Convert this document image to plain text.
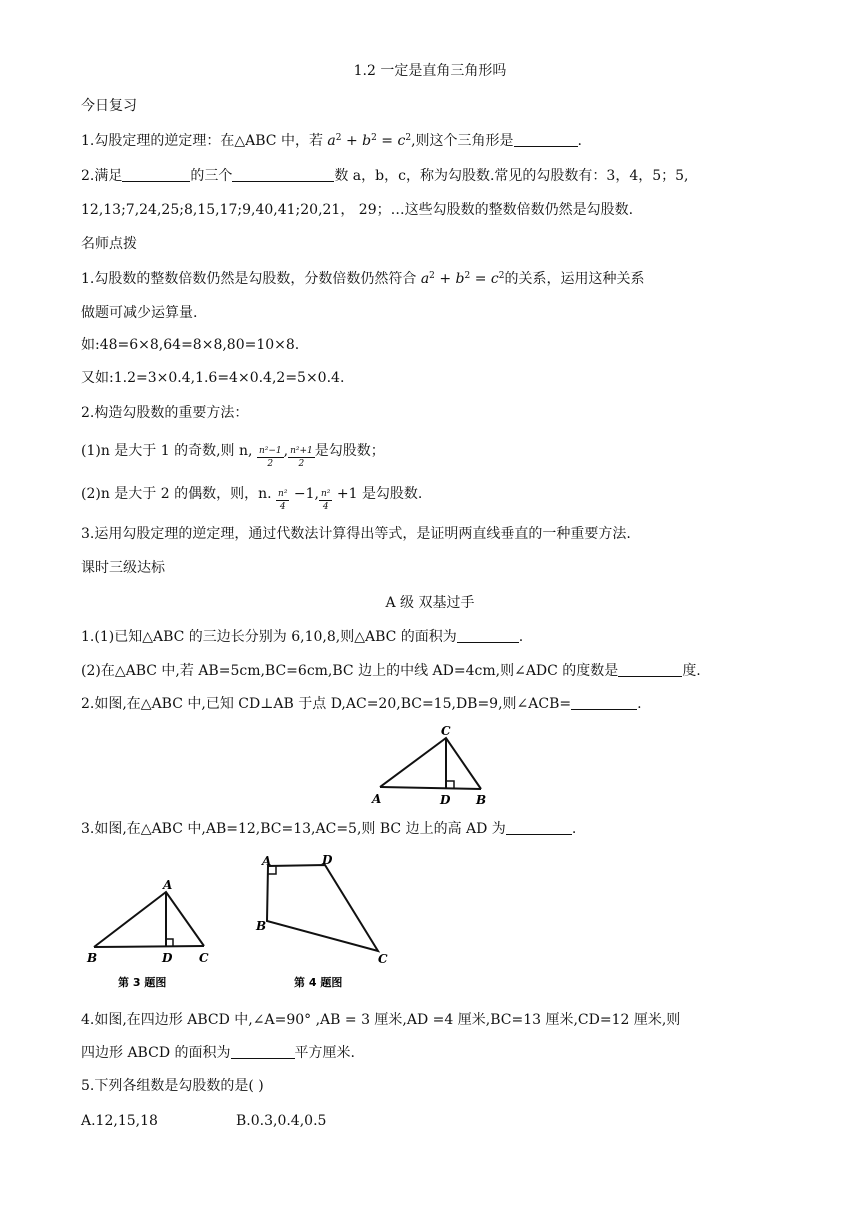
1.2 一定是直角三角形吗
今日复习
1.勾股定理的逆定理：在△ABC 中，若 $a^2 + b^2 = c^2$,则这个三角形是	.
2.满足	的三个	数 a，b，c，称为勾股数.常见的勾股数有：3，4，5；5,
12,13;7,24,25;8,15,17;9,40,41;20,21， 29；…这些勾股数的整数倍数仍然是勾股数.
名师点拨
1.勾股数的整数倍数仍然是勾股数，分数倍数仍然符合 $a^2 + b^2 = c^2$的关系，运用这种关系
做题可减少运算量.
如:48=6×8,64=8×8,80=10×8.
又如:1.2=3×0.4,1.6=4×0.4,2=5×0.4.
2.构造勾股数的重要方法：
(1)n 是大于 1 的奇数,则 n, $\frac{\text{n²−1}}{2}$ , $\frac{\text{n²+1}}{2}$ 是勾股数；
(2)n 是大于 2 的偶数，则，n. $\frac{\text{n²}}{4} -1$, $\frac{\text{n²}}{4} +1$ 是勾股数.
3.运用勾股定理的逆定理，通过代数法计算得出等式，是证明两直线垂直的一种重要方法.
课时三级达标
A 级 双基过手
1.(1)已知△ABC 的三边长分别为 6,10,8,则△ABC 的面积为	.
(2)在△ABC 中,若 AB=5cm,BC=6cm,BC 边上的中线 AD=4cm,则∠ADC 的度数是	度.
2.如图,在△ABC 中,已知 CD⊥AB 于点 D,AC=20,BC=15,DB=9,则∠ACB=	.
C
A	D B
3.如图,在△ABC 中,AB=12,BC=13,AC=5,则 BC 边上的高 AD 为	.
A
B	D C
第 3 题图
A	D
B
C
第 4 题图
4.如图,在四边形 ABCD 中,∠A=90° ,AB = 3 厘米,AD =4 厘米,BC=13 厘米,CD=12 厘米,则
四边形 ABCD 的面积为	平方厘米.
5.下列各组数是勾股数的是( )
A.12,15,18	B.0.3,0.4,0.5
